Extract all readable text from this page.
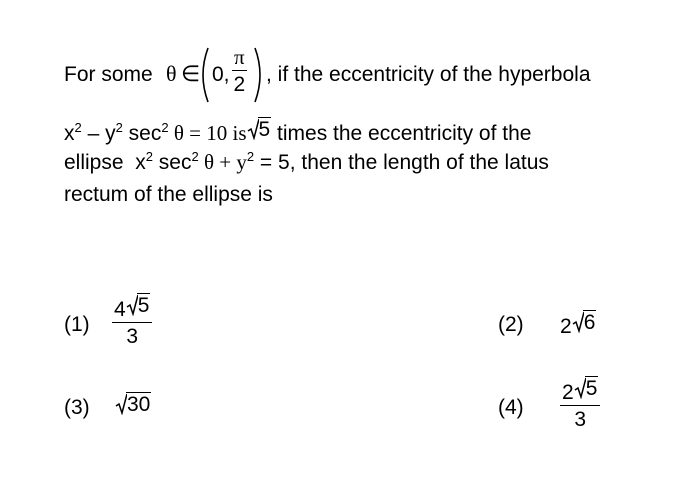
For some θ ∈ 0,
π
2 , if the eccentricity of the hyperbola
$x^2 - y^2$ $\sec^2 \theta = 10$ is 5 times the eccentricity of the
ellipse $x^2$ $\sec^2 \theta + y^2 = 5$, then the length of the latus
rectum of the ellipse is
(1)
4 5
3
(2) 2 6
(3) 30	(4)
2 5
3
